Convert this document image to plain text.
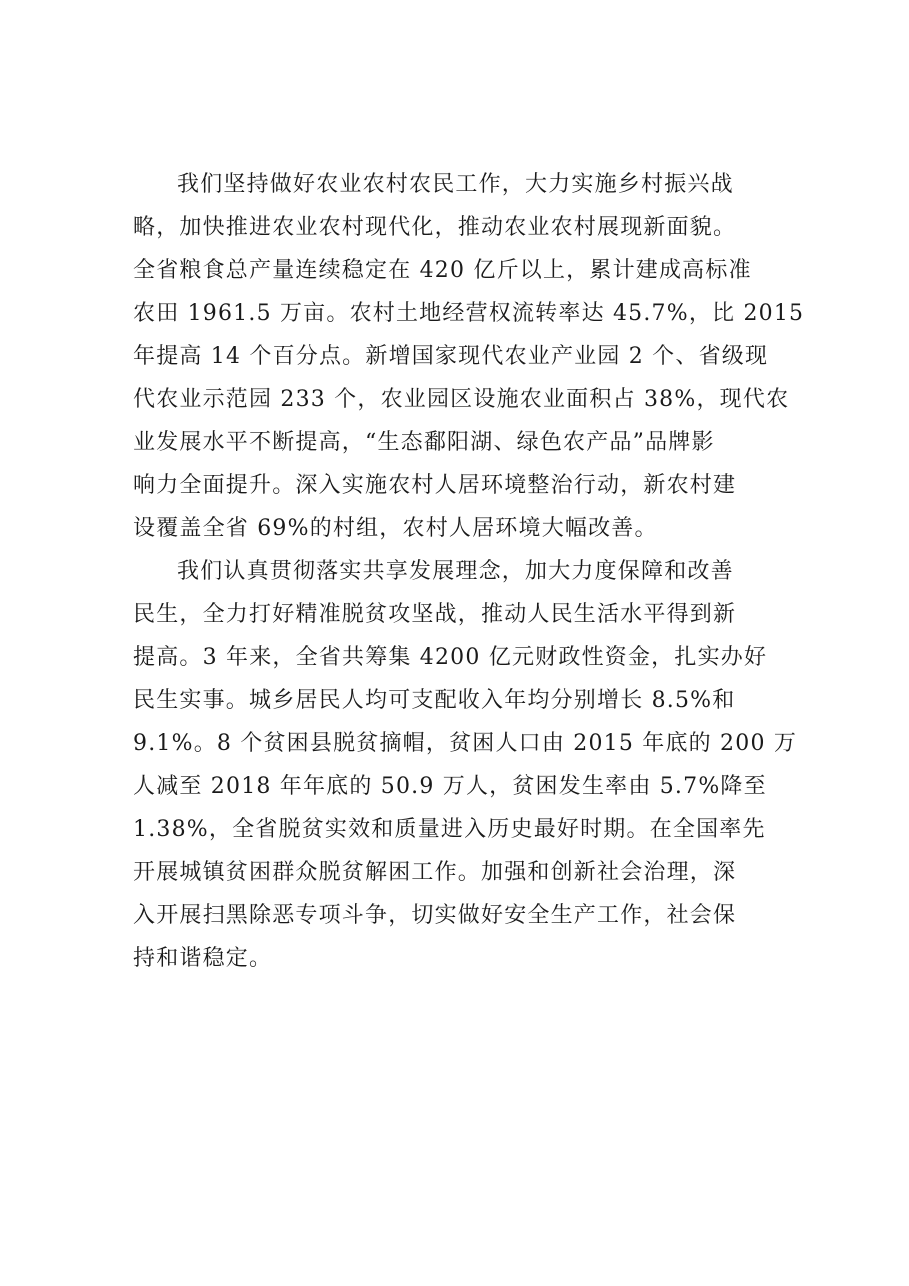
我们坚持做好农业农村农民工作，大力实施乡村振兴战
略，加快推进农业农村现代化，推动农业农村展现新面貌。
全省粮食总产量连续稳定在 420 亿斤以上，累计建成高标准
农田 1961.5 万亩。农村土地经营权流转率达 45.7%，比 2015
年提高 14 个百分点。新增国家现代农业产业园 2 个、省级现
代农业示范园 233 个，农业园区设施农业面积占 38%，现代农
业发展水平不断提高，“生态鄱阳湖、绿色农产品”品牌影
响力全面提升。深入实施农村人居环境整治行动，新农村建
设覆盖全省 69%的村组，农村人居环境大幅改善。
我们认真贯彻落实共享发展理念，加大力度保障和改善
民生，全力打好精准脱贫攻坚战，推动人民生活水平得到新
提高。3 年来，全省共筹集 4200 亿元财政性资金，扎实办好
民生实事。城乡居民人均可支配收入年均分别增长 8.5%和
9.1%。8 个贫困县脱贫摘帽，贫困人口由 2015 年底的 200 万
人减至 2018 年年底的 50.9 万人，贫困发生率由 5.7%降至
1.38%，全省脱贫实效和质量进入历史最好时期。在全国率先
开展城镇贫困群众脱贫解困工作。加强和创新社会治理，深
入开展扫黑除恶专项斗争，切实做好安全生产工作，社会保
持和谐稳定。
